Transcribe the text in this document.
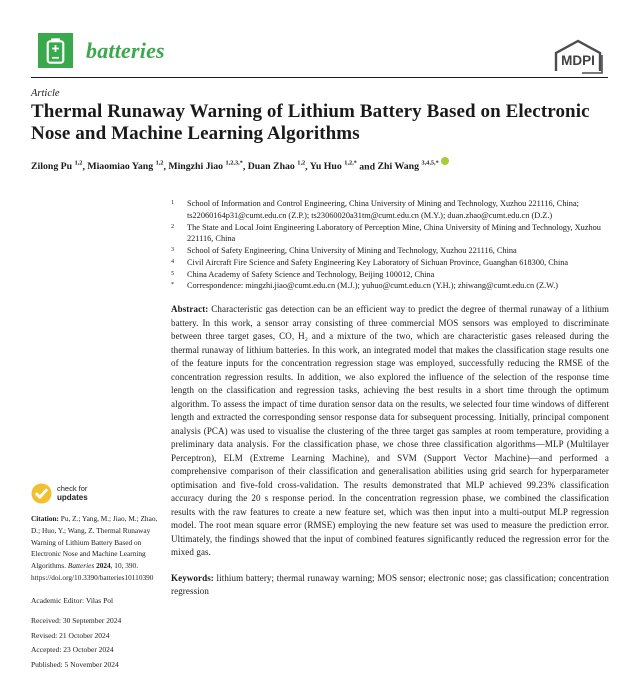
batteries	MDPI
Article
Thermal Runaway Warning of Lithium Battery Based on Electronic Nose and Machine Learning Algorithms
Zilong Pu $^{1,2}$, Miaomiao Yang $^{1,2}$, Mingzhi Jiao $^{1,2,3,*}$, Duan Zhao $^{1,2}$, Yu Huo $^{1,2,*}$ and Zhi Wang $^{3,4,5,*}$
check for
updates
Citation: Pu, Z.; Yang, M.; Jiao, M.; Zhao, D.; Huo, Y.; Wang, Z. Thermal Runaway Warning of Lithium Battery Based on Electronic Nose and Machine Learning Algorithms. Batteries 2024, 10, 390. https://doi.org/10.3390/batteries10110390
Academic Editor: Vilas Pol
Received: 30 September 2024
Revised: 21 October 2024
Accepted: 23 October 2024
Published: 5 November 2024
1	School of Information and Control Engineering, China University of Mining and Technology, Xuzhou 221116, China; ts22060164p31@cumt.edu.cn (Z.P.); ts23060020a31tm@cumt.edu.cn (M.Y.); duan.zhao@cumt.edu.cn (D.Z.)
2	The State and Local Joint Engineering Laboratory of Perception Mine, China University of Mining and Technology, Xuzhou 221116, China
3	School of Safety Engineering, China University of Mining and Technology, Xuzhou 221116, China
4	Civil Aircraft Fire Science and Safety Engineering Key Laboratory of Sichuan Province, Guanghan 618300, China
5	China Academy of Safety Science and Technology, Beijing 100012, China
*	Correspondence: mingzhi.jiao@cumt.edu.cn (M.J.); yuhuo@cumt.edu.cn (Y.H.); zhiwang@cumt.edu.cn (Z.W.)

Abstract: Characteristic gas detection can be an efficient way to predict the degree of thermal runaway of a lithium battery. In this work, a sensor array consisting of three commercial MOS sensors was employed to discriminate between three target gases, CO, H₂ and a mixture of the two, which are characteristic gases released during the thermal runaway of lithium batteries. In this work, an integrated model that makes the classification stage results one of the feature inputs for the concentration regression stage was employed, successfully reducing the RMSE of the concentration regression results. In addition, we also explored the influence of the selection of the response time length on the classification and regression tasks, achieving the best results in a short time through the optimum algorithm. To assess the impact of time duration sensor data on the results, we selected four time windows of different length and extracted the corresponding sensor response data for subsequent processing. Initially, principal component analysis (PCA) was used to visualise the clustering of the three target gas samples at room temperature, providing a preliminary data analysis. For the classification phase, we chose three classification algorithms—MLP (Multilayer Perceptron), ELM (Extreme Learning Machine), and SVM (Support Vector Machine)—and performed a comprehensive comparison of their classification and generalisation abilities using grid search for hyperparameter optimisation and five-fold cross-validation. The results demonstrated that MLP achieved 99.23% classification accuracy during the 20 s response period. In the concentration regression phase, we combined the classification results with the raw features to create a new feature set, which was then input into a multi-output MLP regression model. The root mean square error (RMSE) employing the new feature set was used to measure the prediction error. Ultimately, the findings showed that the input of combined features significantly reduced the regression error for the mixed gas.

Keywords: lithium battery; thermal runaway warning; MOS sensor; electronic nose; gas classification; concentration regression
